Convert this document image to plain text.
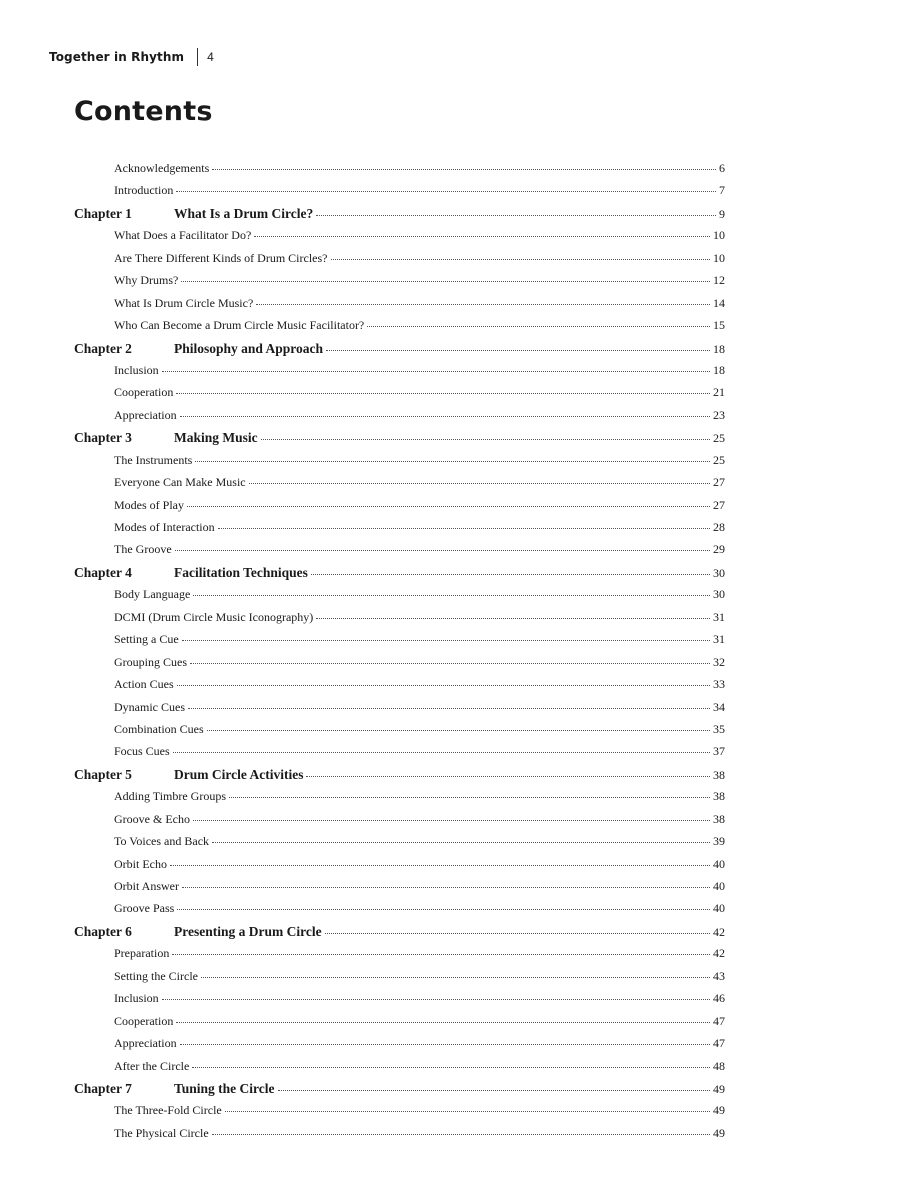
Together in Rhythm 4
Contents
Acknowledgements	6
Introduction	7
Chapter 1	What Is a Drum Circle?	9
What Does a Facilitator Do?	10
Are There Different Kinds of Drum Circles?	10
Why Drums?	12
What Is Drum Circle Music?	14
Who Can Become a Drum Circle Music Facilitator?	15
Chapter 2	Philosophy and Approach	18
Inclusion	18
Cooperation	21
Appreciation	23
Chapter 3	Making Music	25
The Instruments	25
Everyone Can Make Music	27
Modes of Play	27
Modes of Interaction	28
The Groove	29
Chapter 4	Facilitation Techniques	30
Body Language	30
DCMI (Drum Circle Music Iconography)	31
Setting a Cue	31
Grouping Cues	32
Action Cues	33
Dynamic Cues	34
Combination Cues	35
Focus Cues	37
Chapter 5	Drum Circle Activities	38
Adding Timbre Groups	38
Groove & Echo	38
To Voices and Back	39
Orbit Echo	40
Orbit Answer	40
Groove Pass	40
Chapter 6	Presenting a Drum Circle	42
Preparation	42
Setting the Circle	43
Inclusion	46
Cooperation	47
Appreciation	47
After the Circle	48
Chapter 7	Tuning the Circle	49
The Three-Fold Circle	49
The Physical Circle	49
